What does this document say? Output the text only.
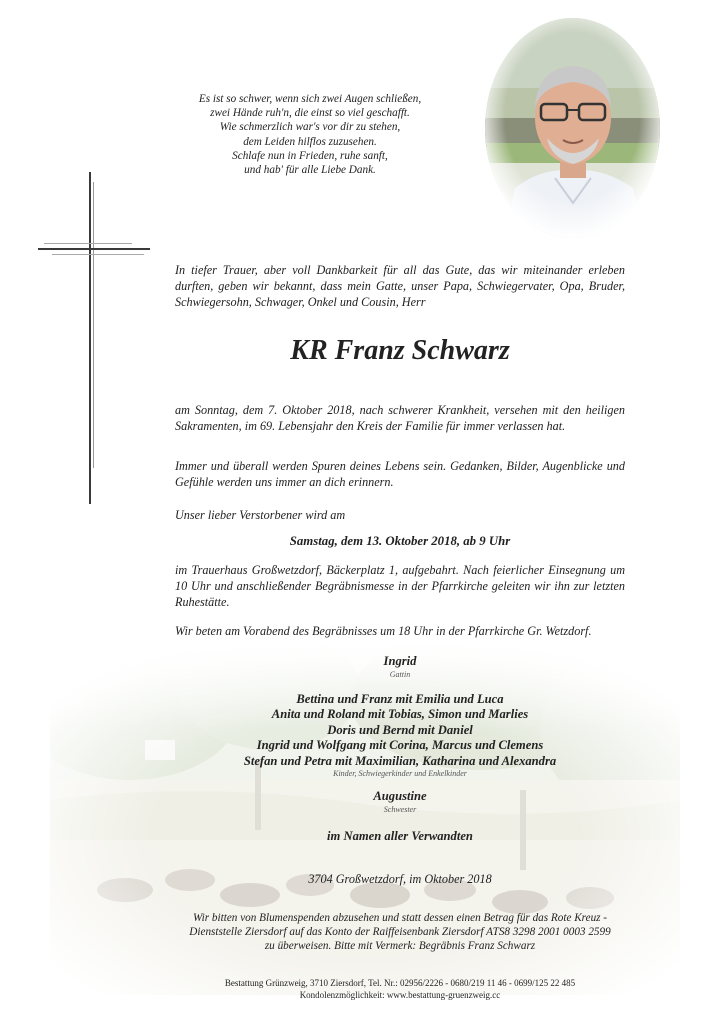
Es ist so schwer, wenn sich zwei Augen schließen,
zwei Hände ruh'n, die einst so viel geschafft.
Wie schmerzlich war's vor dir zu stehen,
dem Leiden hilflos zuzusehen.
Schlafe nun in Frieden, ruhe sanft,
und hab' für alle Liebe Dank.
In tiefer Trauer, aber voll Dankbarkeit für all das Gute, das wir miteinander erleben durften, geben wir bekannt, dass mein Gatte, unser Papa, Schwiegervater, Opa, Bruder, Schwiegersohn, Schwager, Onkel und Cousin, Herr
KR Franz Schwarz
am Sonntag, dem 7. Oktober 2018, nach schwerer Krankheit, versehen mit den heiligen Sakramenten, im 69. Lebensjahr den Kreis der Familie für immer verlassen hat.
Immer und überall werden Spuren deines Lebens sein. Gedanken, Bilder, Augenblicke und Gefühle werden uns immer an dich erinnern.
Unser lieber Verstorbener wird am
Samstag, dem 13. Oktober 2018, ab 9 Uhr
im Trauerhaus Großwetzdorf, Bäckerplatz 1, aufgebahrt. Nach feierlicher Einsegnung um 10 Uhr und anschließender Begräbnismesse in der Pfarrkirche geleiten wir ihn zur letzten Ruhestätte.
Wir beten am Vorabend des Begräbnisses um 18 Uhr in der Pfarrkirche Gr. Wetzdorf.
Ingrid
Gattin
Bettina und Franz mit Emilia und Luca
Anita und Roland mit Tobias, Simon und Marlies
Doris und Bernd mit Daniel
Ingrid und Wolfgang mit Corina, Marcus und Clemens
Stefan und Petra mit Maximilian, Katharina und Alexandra
Kinder, Schwiegerkinder und Enkelkinder
Augustine
Schwester
im Namen aller Verwandten
3704 Großwetzdorf, im Oktober 2018
Wir bitten von Blumenspenden abzusehen und statt dessen einen Betrag für das Rote Kreuz -
Dienststelle Ziersdorf auf das Konto der Raiffeisenbank Ziersdorf ATS8 3298 2001 0003 2599
zu überweisen. Bitte mit Vermerk: Begräbnis Franz Schwarz
Bestattung Grünzweig, 3710 Ziersdorf, Tel. Nr.: 02956/2226 - 0680/219 11 46 - 0699/125 22 485
Kondolenzmöglichkeit: www.bestattung-gruenzweig.cc
